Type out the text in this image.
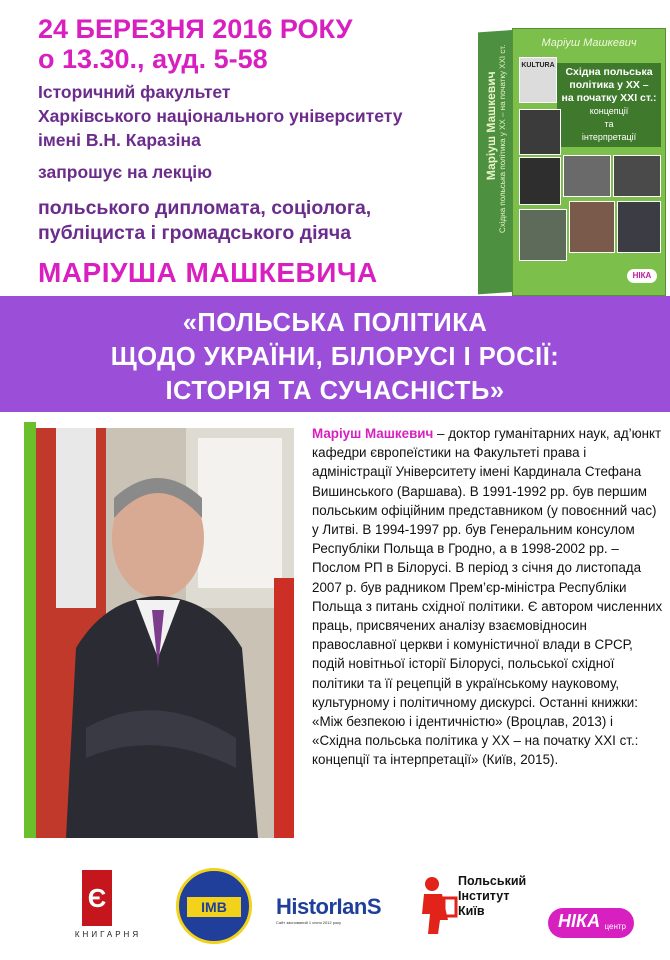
24 БЕРЕЗНЯ 2016 РОКУ

о 13.30., ауд. 5-58

Історичний факультет

Харківського національного університету

імені В.Н. Каразіна

запрошує на лекцію

польського дипломата, соціолога,

публіциста і громадського діяча

МАРІУША МАШКЕВИЧА

Маріуш Машкевич Східна польська політика у ХХ – на початку ХХІ ст.
Маріуш Машкевич
KULTURA
Східна польська
політика у ХХ –
на початку ХХІ ст.:
концепції
та
інтерпретації
НІКА
«ПОЛЬСЬКА ПОЛІТИКА
ЩОДО УКРАЇНИ, БІЛОРУСІ І РОСІЇ:
ІСТОРІЯ ТА СУЧАСНІСТЬ»
Маріуш Машкевич – доктор гуманітарних наук, ад’юнкт кафедри європеїстики на Факультеті права і адміністрації Університету імені Кардинала Стефана Вишинського (Варшава). В 1991-1992 рр. був першим польським офіційним представником (у повоєнний час) у Литві. В 1994-1997 рр. був Генеральним консулом Республіки Польща в Гродно, а в 1998-2002 рр. – Послом РП в Білорусі. В період з січня до листопада 2007 р. був радником Прем’єр-міністра Республіки Польща з питань східної політики. Є автором численних праць, присвячених аналізу взаємовідносин православної церкви і комуністичної влади в СРСР, подій новітньої історії Білорусі, польської східної політики та її рецепцій в українському науковому, культурному і політичному дискурсі. Останні книжки: «Між безпекою і ідентичністю» (Вроцлав, 2013) і «Східна польська політика у ХХ – на початку ХХІ ст.: концепції та інтерпретації» (Київ, 2015).
Є
КНИГАРНЯ
IMB	HistorIanS
Сайт заснований 1 січня 2012 року
Польський
Інститут
Київ	НІКА центр
